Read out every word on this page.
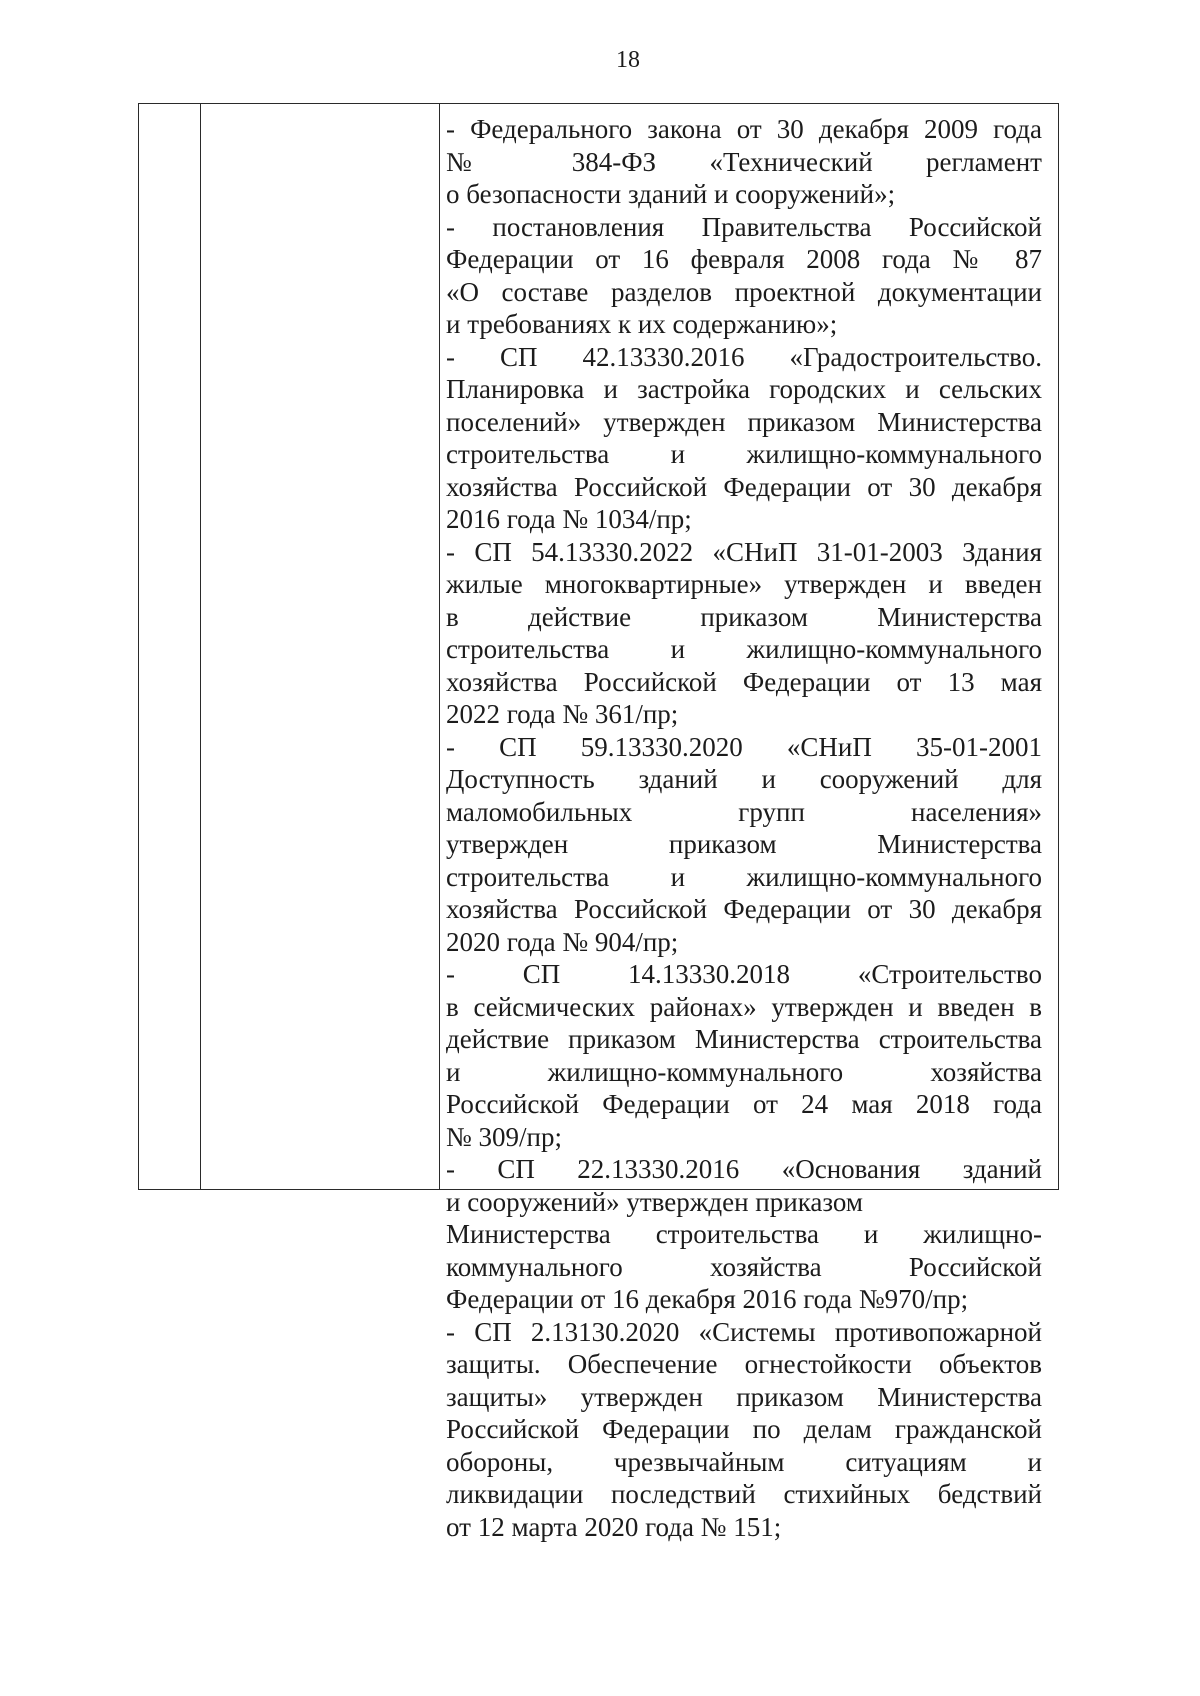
18
- Федерального закона от 30 декабря 2009 года
№ 384-ФЗ «Технический регламент
о безопасности зданий и сооружений»;
- постановления Правительства Российской
Федерации от 16 февраля 2008 года № 87
«О составе разделов проектной документации
и требованиях к их содержанию»;
- СП 42.13330.2016 «Градостроительство.
Планировка и застройка городских и сельских
поселений» утвержден приказом Министерства
строительства и жилищно-коммунального
хозяйства Российской Федерации от 30 декабря
2016 года № 1034/пр;
- СП 54.13330.2022 «СНиП 31-01-2003 Здания
жилые многоквартирные» утвержден и введен
в действие приказом Министерства
строительства и жилищно-коммунального
хозяйства Российской Федерации от 13 мая
2022 года № 361/пр;
- СП 59.13330.2020 «СНиП 35-01-2001
Доступность зданий и сооружений для
маломобильных групп населения»
утвержден приказом Министерства
строительства и жилищно-коммунального
хозяйства Российской Федерации от 30 декабря
2020 года № 904/пр;
- СП 14.13330.2018 «Строительство
в сейсмических районах» утвержден и введен в
действие приказом Министерства строительства
и жилищно-коммунального хозяйства
Российской Федерации от 24 мая 2018 года
№ 309/пр;
- СП 22.13330.2016 «Основания зданий
и сооружений» утвержден приказом
Министерства строительства и жилищно-
коммунального хозяйства Российской
Федерации от 16 декабря 2016 года №970/пр;
- СП 2.13130.2020 «Системы противопожарной
защиты. Обеспечение огнестойкости объектов
защиты» утвержден приказом Министерства
Российской Федерации по делам гражданской
обороны, чрезвычайным ситуациям и
ликвидации последствий стихийных бедствий
от 12 марта 2020 года № 151;
